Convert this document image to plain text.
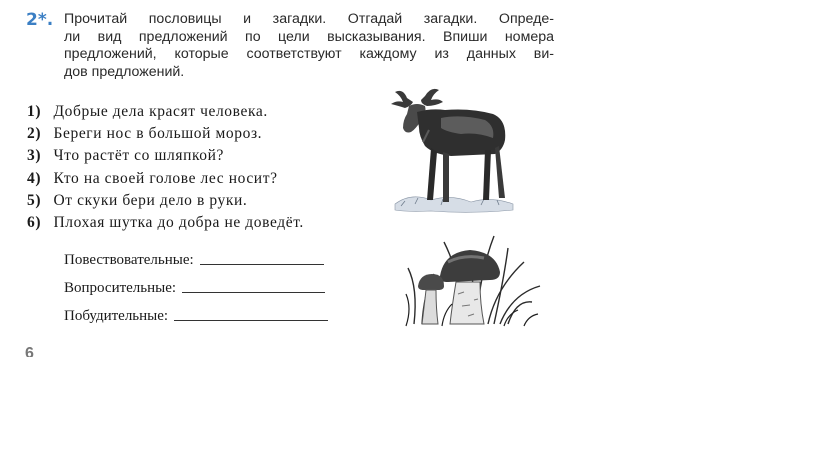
2*. Прочитай пословицы и загадки. Отгадай загадки. Опреде-
ли вид предложений по цели высказывания. Впиши номера
предложений, которые соответствуют каждому из данных ви-
дов предложений.

1) Добрые дела красят человека.
2) Береги нос в большой мороз.
3) Что растёт со шляпкой?
4) Кто на своей голове лес носит?
5) От скуки бери дело в руки.
6) Плохая шутка до добра не доведёт.
Повествовательные:
Вопросительные:
Побудительные:
6
